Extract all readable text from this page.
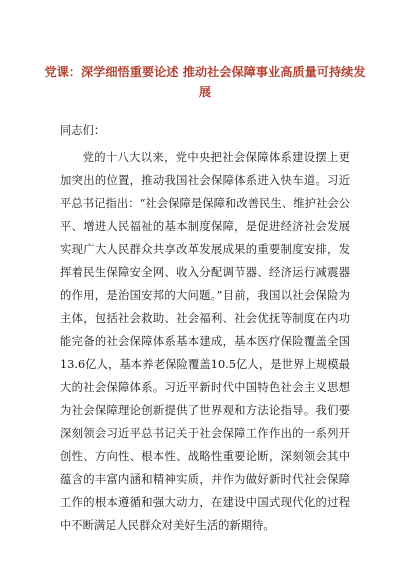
党课：深学细悟重要论述 推动社会保障事业高质量可持续发展
同志们：
党的十八大以来，党中央把社会保障体系建设摆上更加突出的位置，推动我国社会保障体系进入快车道。习近平总书记指出：“社会保障是保障和改善民生、维护社会公平、增进人民福祉的基本制度保障，是促进经济社会发展实现广大人民群众共享改革发展成果的重要制度安排，发挥着民生保障安全网、收入分配调节器、经济运行减震器的作用，是治国安邦的大问题。”目前，我国以社会保险为主体，包括社会救助、社会福利、社会优抚等制度在内功能完备的社会保障体系基本建成，基本医疗保险覆盖全国13.6亿人，基本养老保险覆盖10.5亿人，是世界上规模最大的社会保障体系。习近平新时代中国特色社会主义思想为社会保障理论创新提供了世界观和方法论指导。我们要深刻领会习近平总书记关于社会保障工作作出的一系列开创性、方向性、根本性、战略性重要论断，深刻领会其中蕴含的丰富内涵和精神实质，并作为做好新时代社会保障工作的根本遵循和强大动力，在建设中国式现代化的过程中不断满足人民群众对美好生活的新期待。
